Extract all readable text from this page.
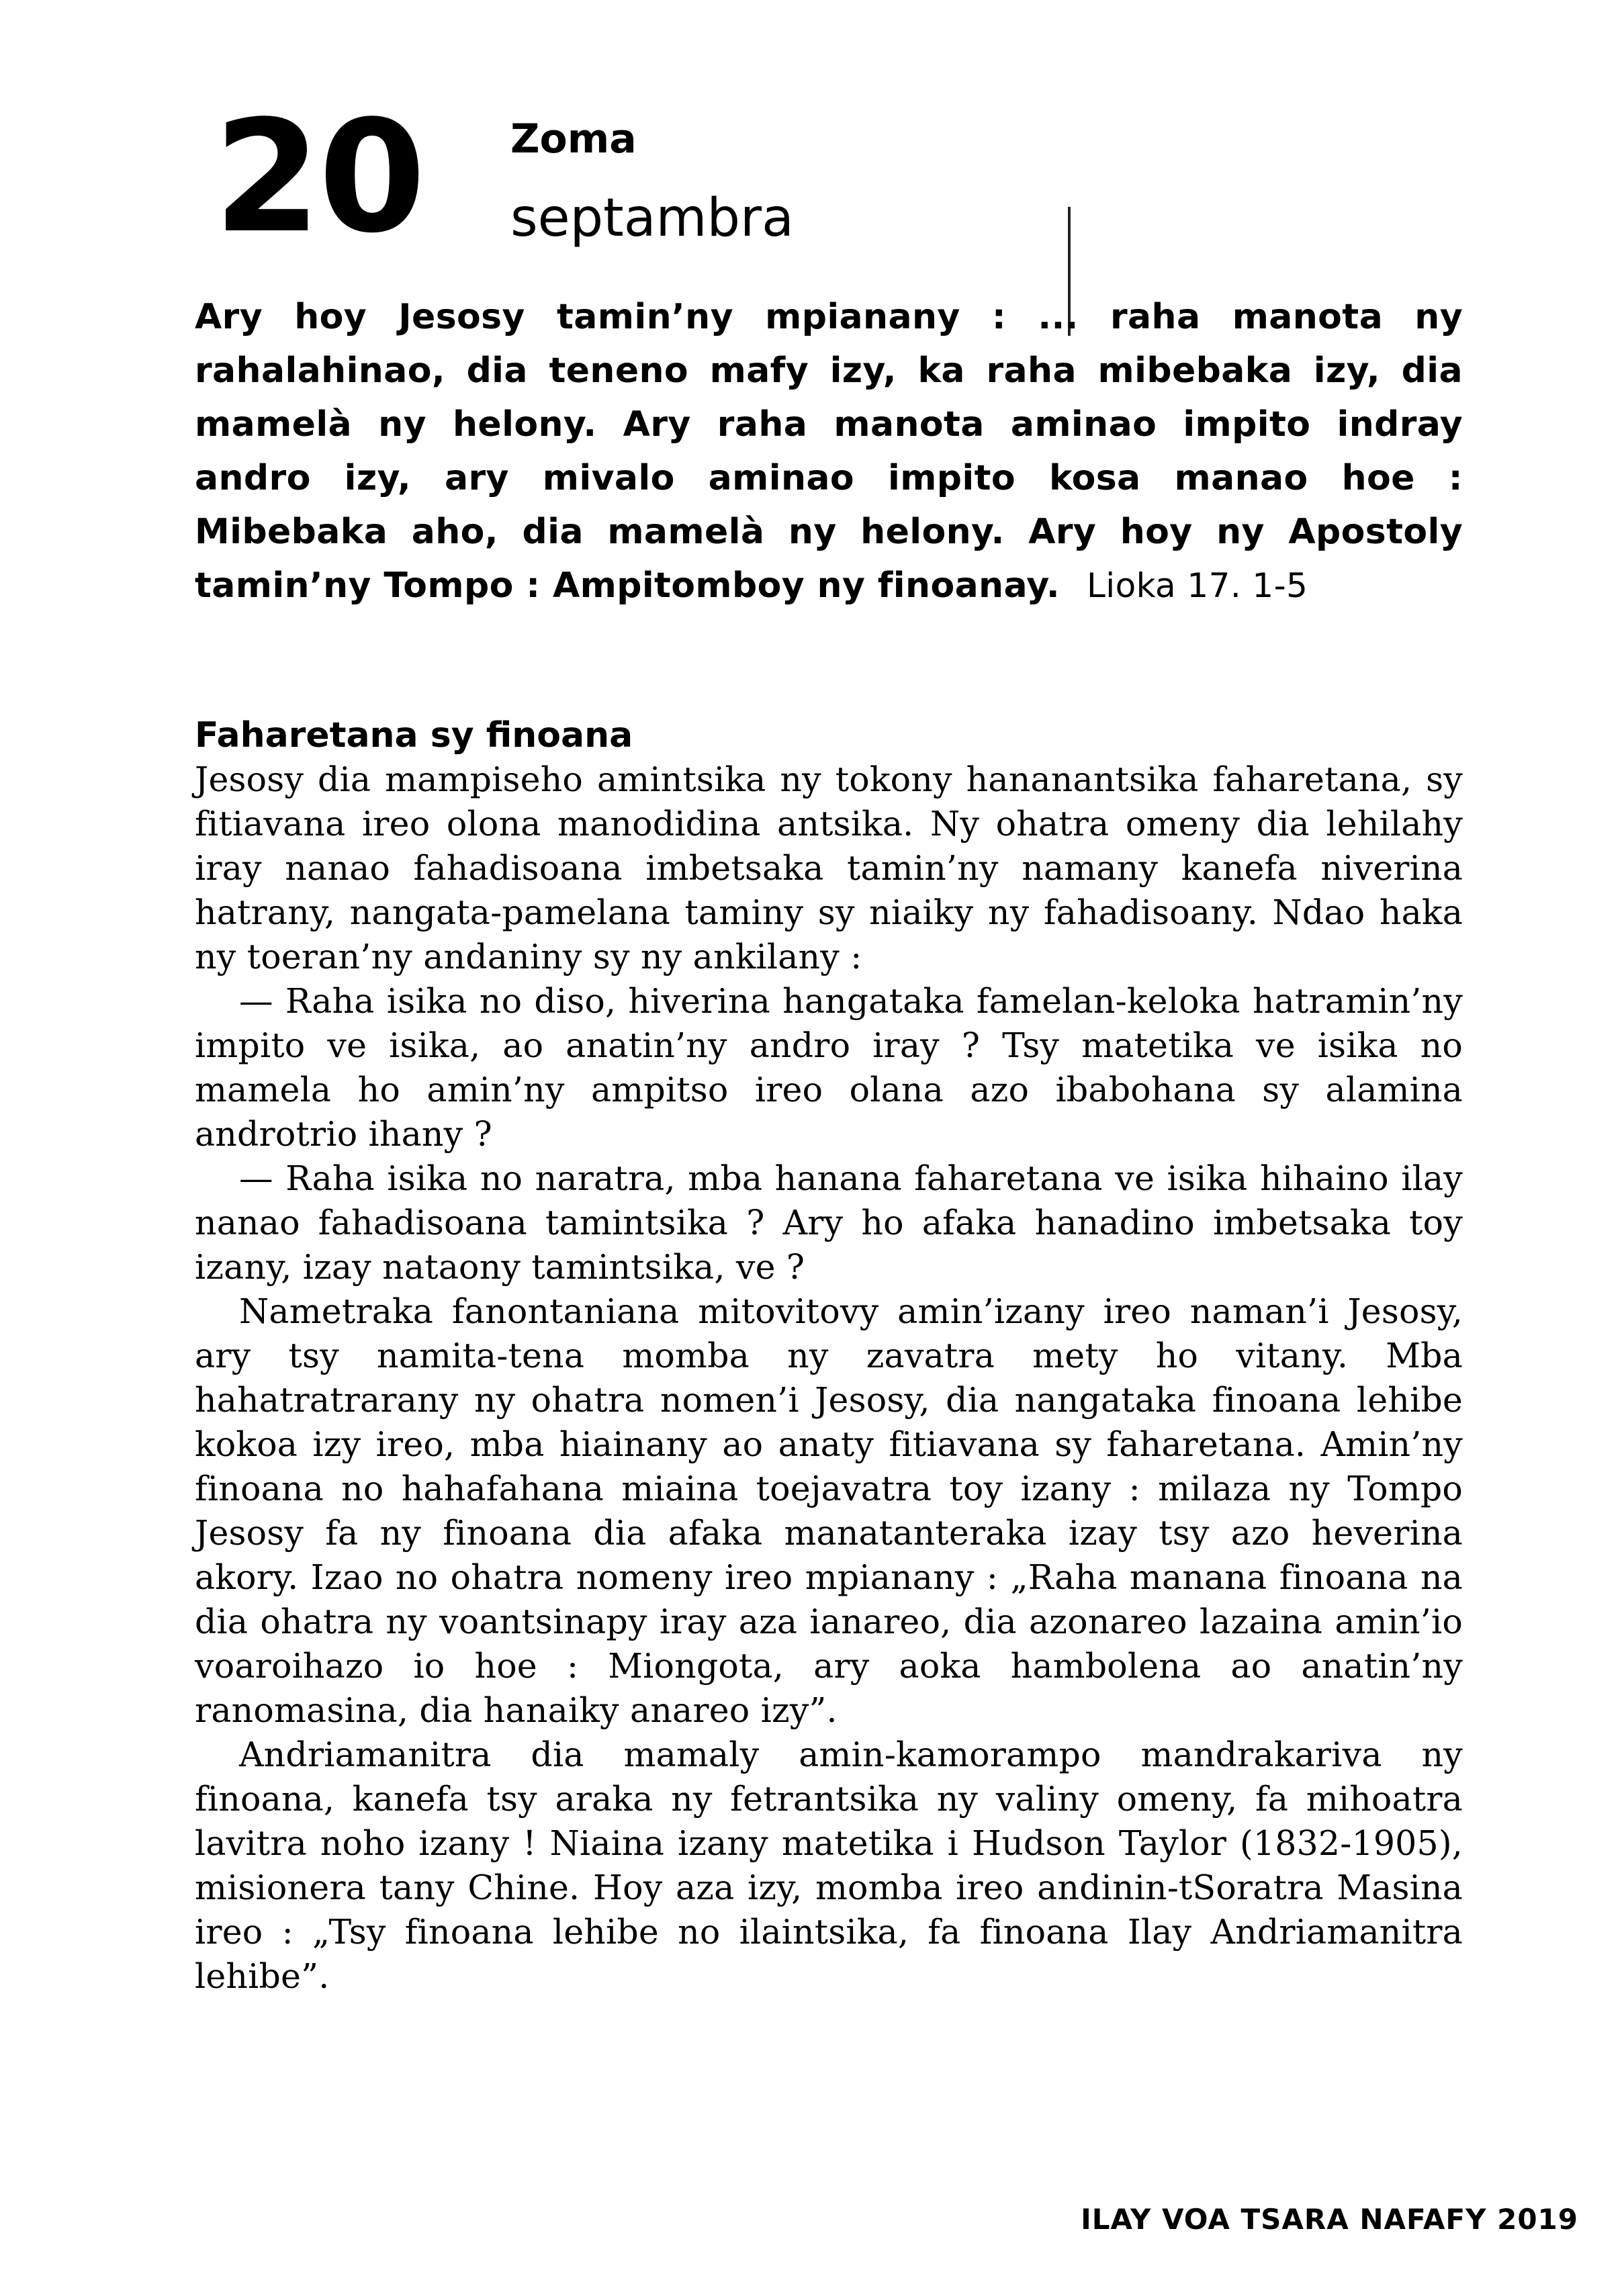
20 Zoma
septambra
Ary hoy Jesosy tamin’ny mpianany : ... raha manota ny rahalahinao, dia teneno mafy izy, ka raha mibebaka izy, dia mamelà ny helony. Ary raha manota aminao impito indray andro izy, ary mivalo aminao impito kosa manao hoe : Mibebaka aho, dia mamelà ny helony. Ary hoy ny Apostoly tamin’ny Tompo : Ampitomboy ny finoanay. Lioka 17. 1-5
Faharetana sy finoana

Jesosy dia mampiseho amintsika ny tokony hananantsika faharetana, sy fitiavana ireo olona manodidina antsika. Ny ohatra omeny dia lehilahy iray nanao fahadisoana imbetsaka tamin’ny namany kanefa niverina hatrany, nangata-pamelana taminy sy niaiky ny fahadisoany. Ndao haka ny toeran’ny andaniny sy ny ankilany :

— Raha isika no diso, hiverina hangataka famelan-keloka hatramin’ny impito ve isika, ao anatin’ny andro iray ? Tsy matetika ve isika no mamela ho amin’ny ampitso ireo olana azo ibabohana sy alamina androtrio ihany ?

— Raha isika no naratra, mba hanana faharetana ve isika hihaino ilay nanao fahadisoana tamintsika ? Ary ho afaka hanadino imbetsaka toy izany, izay nataony tamintsika, ve ?

Nametraka fanontaniana mitovitovy amin’izany ireo naman’i Jesosy, ary tsy namita-tena momba ny zavatra mety ho vitany. Mba hahatratrarany ny ohatra nomen’i Jesosy, dia nangataka finoana lehibe kokoa izy ireo, mba hiainany ao anaty fitiavana sy faharetana. Amin’ny finoana no hahafahana miaina toejavatra toy izany : milaza ny Tompo Jesosy fa ny finoana dia afaka manatanteraka izay tsy azo heverina akory. Izao no ohatra nomeny ireo mpianany : „Raha manana finoana na dia ohatra ny voantsinapy iray aza ianareo, dia azonareo lazaina amin’io voaroihazo io hoe : Miongota, ary aoka hambolena ao anatin’ny ranomasina, dia hanaiky anareo izy”.

Andriamanitra dia mamaly amin-kamorampo mandrakariva ny finoana, kanefa tsy araka ny fetrantsika ny valiny omeny, fa mihoatra lavitra noho izany ! Niaina izany matetika i Hudson Taylor (1832-1905), misionera tany Chine. Hoy aza izy, momba ireo andinin-tSoratra Masina ireo : „Tsy finoana lehibe no ilaintsika, fa finoana Ilay Andriamanitra lehibe”.

ILAY VOA TSARA NAFAFY 2019
